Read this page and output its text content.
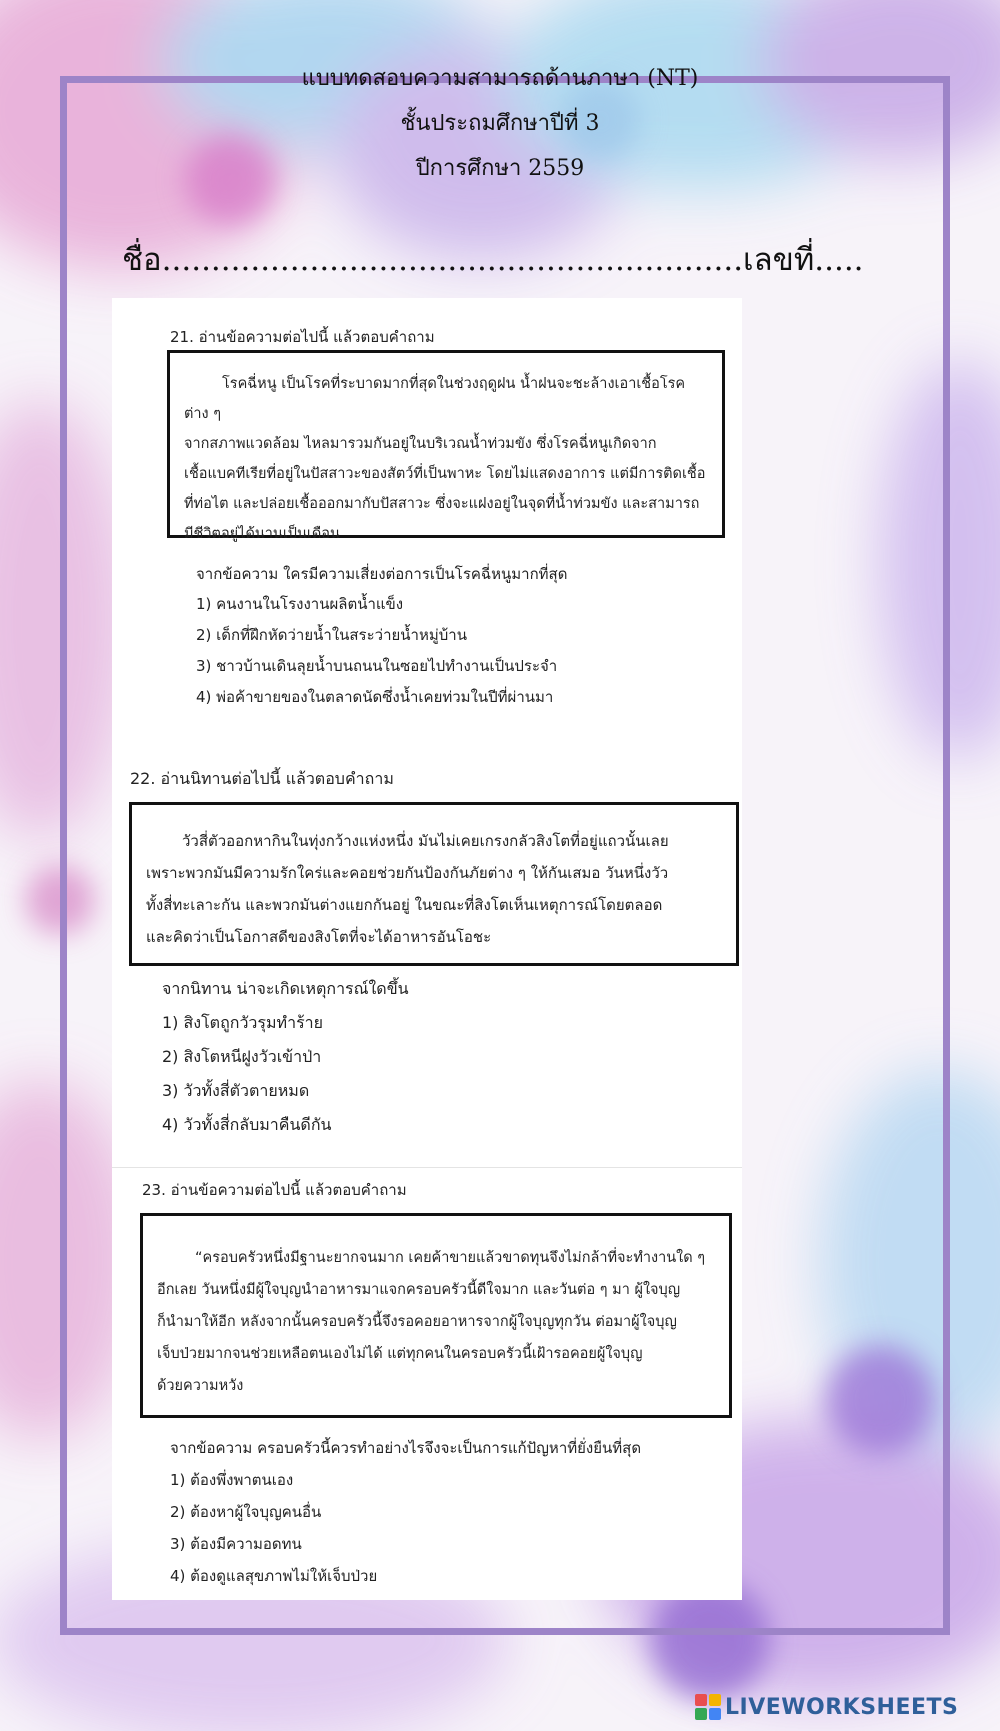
แบบทดสอบความสามารถด้านภาษา (NT)
ชั้นประถมศึกษาปีที่ 3
ปีการศึกษา 2559
ชื่อ...........................................................เลขที่.....
21. อ่านข้อความต่อไปนี้ แล้วตอบคำถาม

โรคฉี่หนู เป็นโรคที่ระบาดมากที่สุดในช่วงฤดูฝน น้ำฝนจะชะล้างเอาเชื้อโรคต่าง ๆ

จากสภาพแวดล้อม ไหลมารวมกันอยู่ในบริเวณน้ำท่วมขัง ซึ่งโรคฉี่หนูเกิดจาก

เชื้อแบคทีเรียที่อยู่ในปัสสาวะของสัตว์ที่เป็นพาหะ โดยไม่แสดงอาการ แต่มีการติดเชื้อ

ที่ท่อไต และปล่อยเชื้อออกมากับปัสสาวะ ซึ่งจะแฝงอยู่ในจุดที่น้ำท่วมขัง และสามารถ

มีชีวิตอยู่ได้นานเป็นเดือน

จากข้อความ ใครมีความเสี่ยงต่อการเป็นโรคฉี่หนูมากที่สุด
1) คนงานในโรงงานผลิตน้ำแข็ง
2) เด็กที่ฝึกหัดว่ายน้ำในสระว่ายน้ำหมู่บ้าน
3) ชาวบ้านเดินลุยน้ำบนถนนในซอยไปทำงานเป็นประจำ
4) พ่อค้าขายของในตลาดนัดซึ่งน้ำเคยท่วมในปีที่ผ่านมา
22. อ่านนิทานต่อไปนี้ แล้วตอบคำถาม

วัวสี่ตัวออกหากินในทุ่งกว้างแห่งหนึ่ง มันไม่เคยเกรงกลัวสิงโตที่อยู่แถวนั้นเลย

เพราะพวกมันมีความรักใคร่และคอยช่วยกันป้องกันภัยต่าง ๆ ให้กันเสมอ วันหนึ่งวัว

ทั้งสี่ทะเลาะกัน และพวกมันต่างแยกกันอยู่ ในขณะที่สิงโตเห็นเหตุการณ์โดยตลอด

และคิดว่าเป็นโอกาสดีของสิงโตที่จะได้อาหารอันโอชะ

จากนิทาน น่าจะเกิดเหตุการณ์ใดขึ้น
1) สิงโตถูกวัวรุมทำร้าย
2) สิงโตหนีฝูงวัวเข้าป่า
3) วัวทั้งสี่ตัวตายหมด
4) วัวทั้งสี่กลับมาคืนดีกัน
23. อ่านข้อความต่อไปนี้ แล้วตอบคำถาม

“ครอบครัวหนึ่งมีฐานะยากจนมาก เคยค้าขายแล้วขาดทุนจึงไม่กล้าที่จะทำงานใด ๆ

อีกเลย วันหนึ่งมีผู้ใจบุญนำอาหารมาแจกครอบครัวนี้ดีใจมาก และวันต่อ ๆ มา ผู้ใจบุญ

ก็นำมาให้อีก หลังจากนั้นครอบครัวนี้จึงรอคอยอาหารจากผู้ใจบุญทุกวัน ต่อมาผู้ใจบุญ

เจ็บป่วยมากจนช่วยเหลือตนเองไม่ได้ แต่ทุกคนในครอบครัวนี้เฝ้ารอคอยผู้ใจบุญ

ด้วยความหวัง

จากข้อความ ครอบครัวนี้ควรทำอย่างไรจึงจะเป็นการแก้ปัญหาที่ยั่งยืนที่สุด
1) ต้องพึ่งพาตนเอง
2) ต้องหาผู้ใจบุญคนอื่น
3) ต้องมีความอดทน
4) ต้องดูแลสุขภาพไม่ให้เจ็บป่วย
LIVEWORKSHEETS
